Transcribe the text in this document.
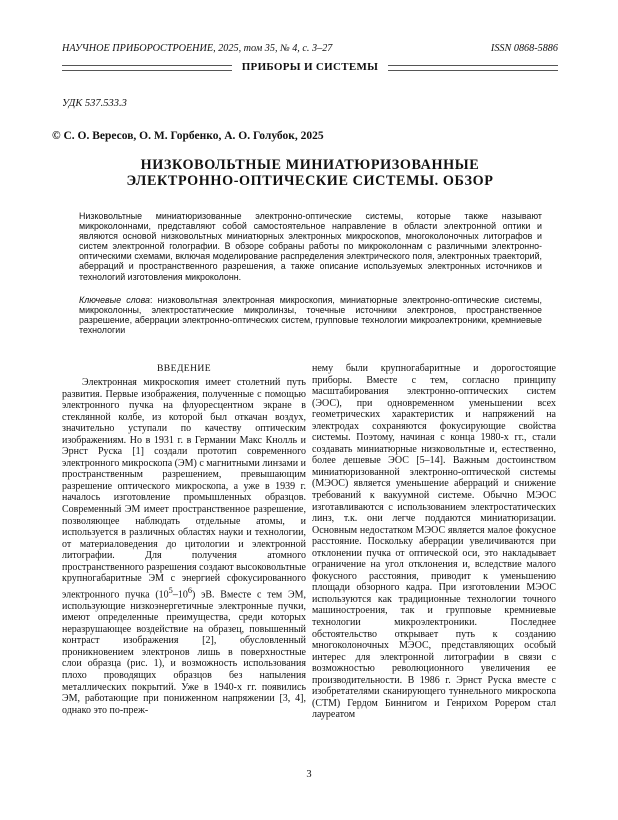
НАУЧНОЕ ПРИБОРОСТРОЕНИЕ, 2025, том 35, № 4, с. 3–27	ISSN 0868-5886
ПРИБОРЫ И СИСТЕМЫ
УДК 537.533.3
© С. О. Вересов, О. М. Горбенко, А. О. Голубок, 2025
НИЗКОВОЛЬТНЫЕ МИНИАТЮРИЗОВАННЫЕ
ЭЛЕКТРОННО-ОПТИЧЕСКИЕ СИСТЕМЫ. ОБЗОР
Низковольтные миниатюризованные электронно-оптические системы, которые также называют микроколоннами, представляют собой самостоятельное направление в области электронной оптики и являются основой низковольтных миниатюрных электронных микроскопов, многоколоночных литографов и систем электронной голографии. В обзоре собраны работы по микроколоннам с различными электронно-оптическими схемами, включая моделирование распределения электрического поля, электронных траекторий, аберраций и пространственного разрешения, а также описание используемых электронных источников и технологий изготовления микроколонн.
Ключевые слова: низковольтная электронная микроскопия, миниатюрные электронно-оптические системы, микроколонны, электростатические микролинзы, точечные источники электронов, пространственное разрешение, аберрации электронно-оптических систем, групповые технологии микроэлектроники, кремниевые технологии
ВВЕДЕНИЕ

Электронная микроскопия имеет столетний путь развития. Первые изображения, полученные с помощью электронного пучка на флуоресцентном экране в стеклянной колбе, из которой был откачан воздух, значительно уступали по качеству оптическим изображениям. Но в 1931 г. в Германии Макс Кнолль и Эрнст Руска [1] создали прототип современного электронного микроскопа (ЭМ) с магнитными линзами и пространственным разрешением, превышающим разрешение оптического микроскопа, а уже в 1939 г. началось изготовление промышленных образцов. Современный ЭМ имеет пространственное разрешение, позволяющее наблюдать отдельные атомы, и используется в различных областях науки и технологии, от материаловедения до цитологии и электронной литографии. Для получения атомного пространственного разрешения создают высоковольтные крупногабаритные ЭМ с энергией сфокусированного электронного пучка $(10^5-10^6)$ эВ. Вместе с тем ЭМ, использующие низкоэнергетичные электронные пучки, имеют определенные преимущества, среди которых неразрушающее воздействие на образец, повышенный контраст изображения [2], обусловленный проникновением электронов лишь в поверхностные слои образца (рис. 1), и возможность использования плохо проводящих образцов без напыления металлических покрытий. Уже в 1940-х гг. появились ЭМ, работающие при пониженном напряжении [3, 4], однако это по-преж-

нему были крупногабаритные и дорогостоящие приборы. Вместе с тем, согласно принципу масштабирования электронно-оптических систем (ЭОС), при одновременном уменьшении всех геометрических характеристик и напряжений на электродах сохраняются фокусирующие свойства системы. Поэтому, начиная с конца 1980-х гг., стали создавать миниатюрные низковольтные и, естественно, более дешевые ЭОС [5–14]. Важным достоинством миниатюризованной электронно-оптической системы (МЭОС) является уменьшение аберраций и снижение требований к вакуумной системе. Обычно МЭОС изготавливаются с использованием электростатических линз, т.к. они легче поддаются миниатюризации. Основным недостатком МЭОС является малое фокусное расстояние. Поскольку аберрации увеличиваются при отклонении пучка от оптической оси, это накладывает ограничение на угол отклонения и, вследствие малого фокусного расстояния, приводит к уменьшению площади обзорного кадра. При изготовлении МЭОС используются как традиционные технологии точного машиностроения, так и групповые кремниевые технологии микроэлектроники. Последнее обстоятельство открывает путь к созданию многоколоночных МЭОС, представляющих особый интерес для электронной литографии в связи с возможностью революционного увеличения ее производительности. В 1986 г. Эрнст Руска вместе с изобретателями сканирующего туннельного микроскопа (СТМ) Гердом Биннигом и Генрихом Рорером стал лауреатом

3
